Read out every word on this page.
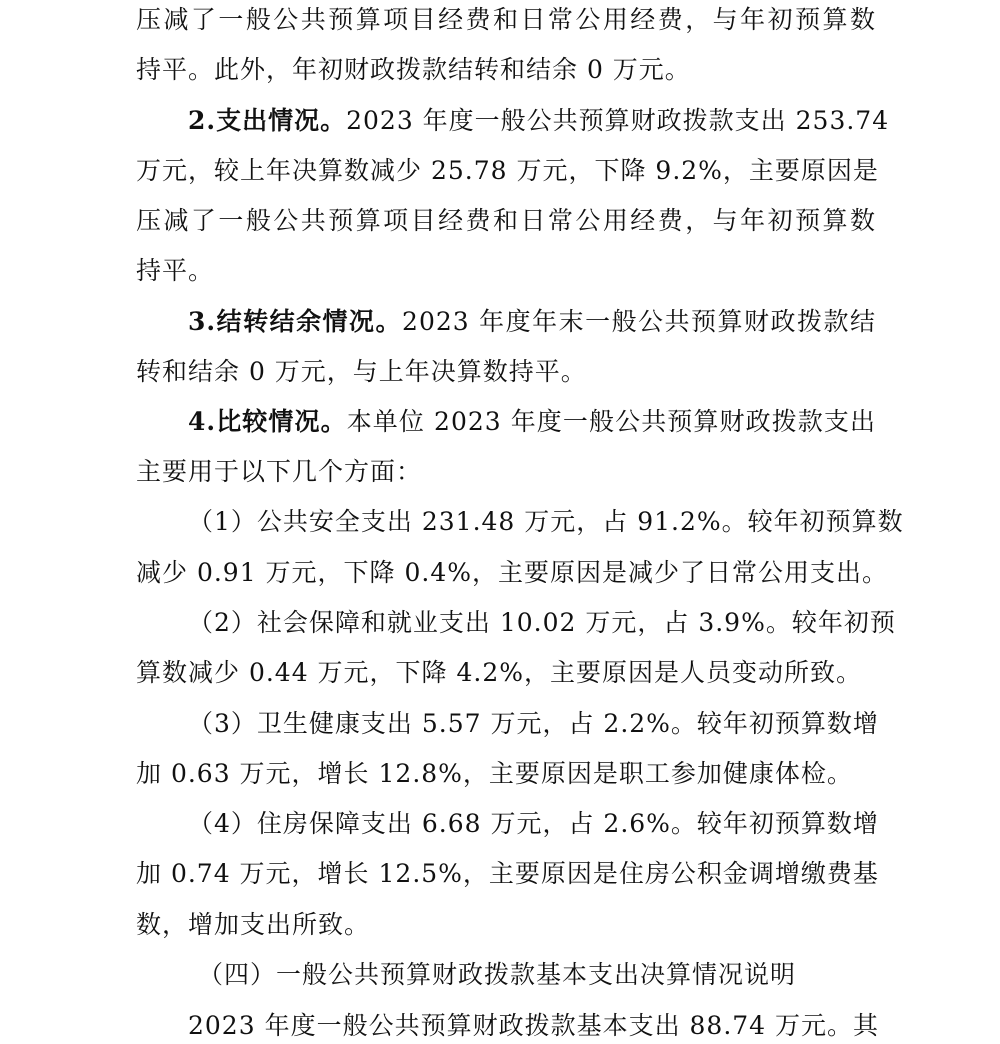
压减了一般公共预算项目经费和日常公用经费，与年初预算数
持平。此外，年初财政拨款结转和结余 0 万元。
2.支出情况。2023 年度一般公共预算财政拨款支出 253.74
万元，较上年决算数减少 25.78 万元，下降 9.2%，主要原因是
压减了一般公共预算项目经费和日常公用经费，与年初预算数
持平。
3.结转结余情况。2023 年度年末一般公共预算财政拨款结
转和结余 0 万元，与上年决算数持平。
4.比较情况。本单位 2023 年度一般公共预算财政拨款支出
主要用于以下几个方面：
（1）公共安全支出 231.48 万元，占 91.2%。较年初预算数
减少 0.91 万元，下降 0.4%，主要原因是减少了日常公用支出。
（2）社会保障和就业支出 10.02 万元，占 3.9%。较年初预
算数减少 0.44 万元，下降 4.2%，主要原因是人员变动所致。
（3）卫生健康支出 5.57 万元，占 2.2%。较年初预算数增
加 0.63 万元，增长 12.8%，主要原因是职工参加健康体检。
（4）住房保障支出 6.68 万元，占 2.6%。较年初预算数增
加 0.74 万元，增长 12.5%，主要原因是住房公积金调增缴费基
数，增加支出所致。
（四）一般公共预算财政拨款基本支出决算情况说明
2023 年度一般公共预算财政拨款基本支出 88.74 万元。其
